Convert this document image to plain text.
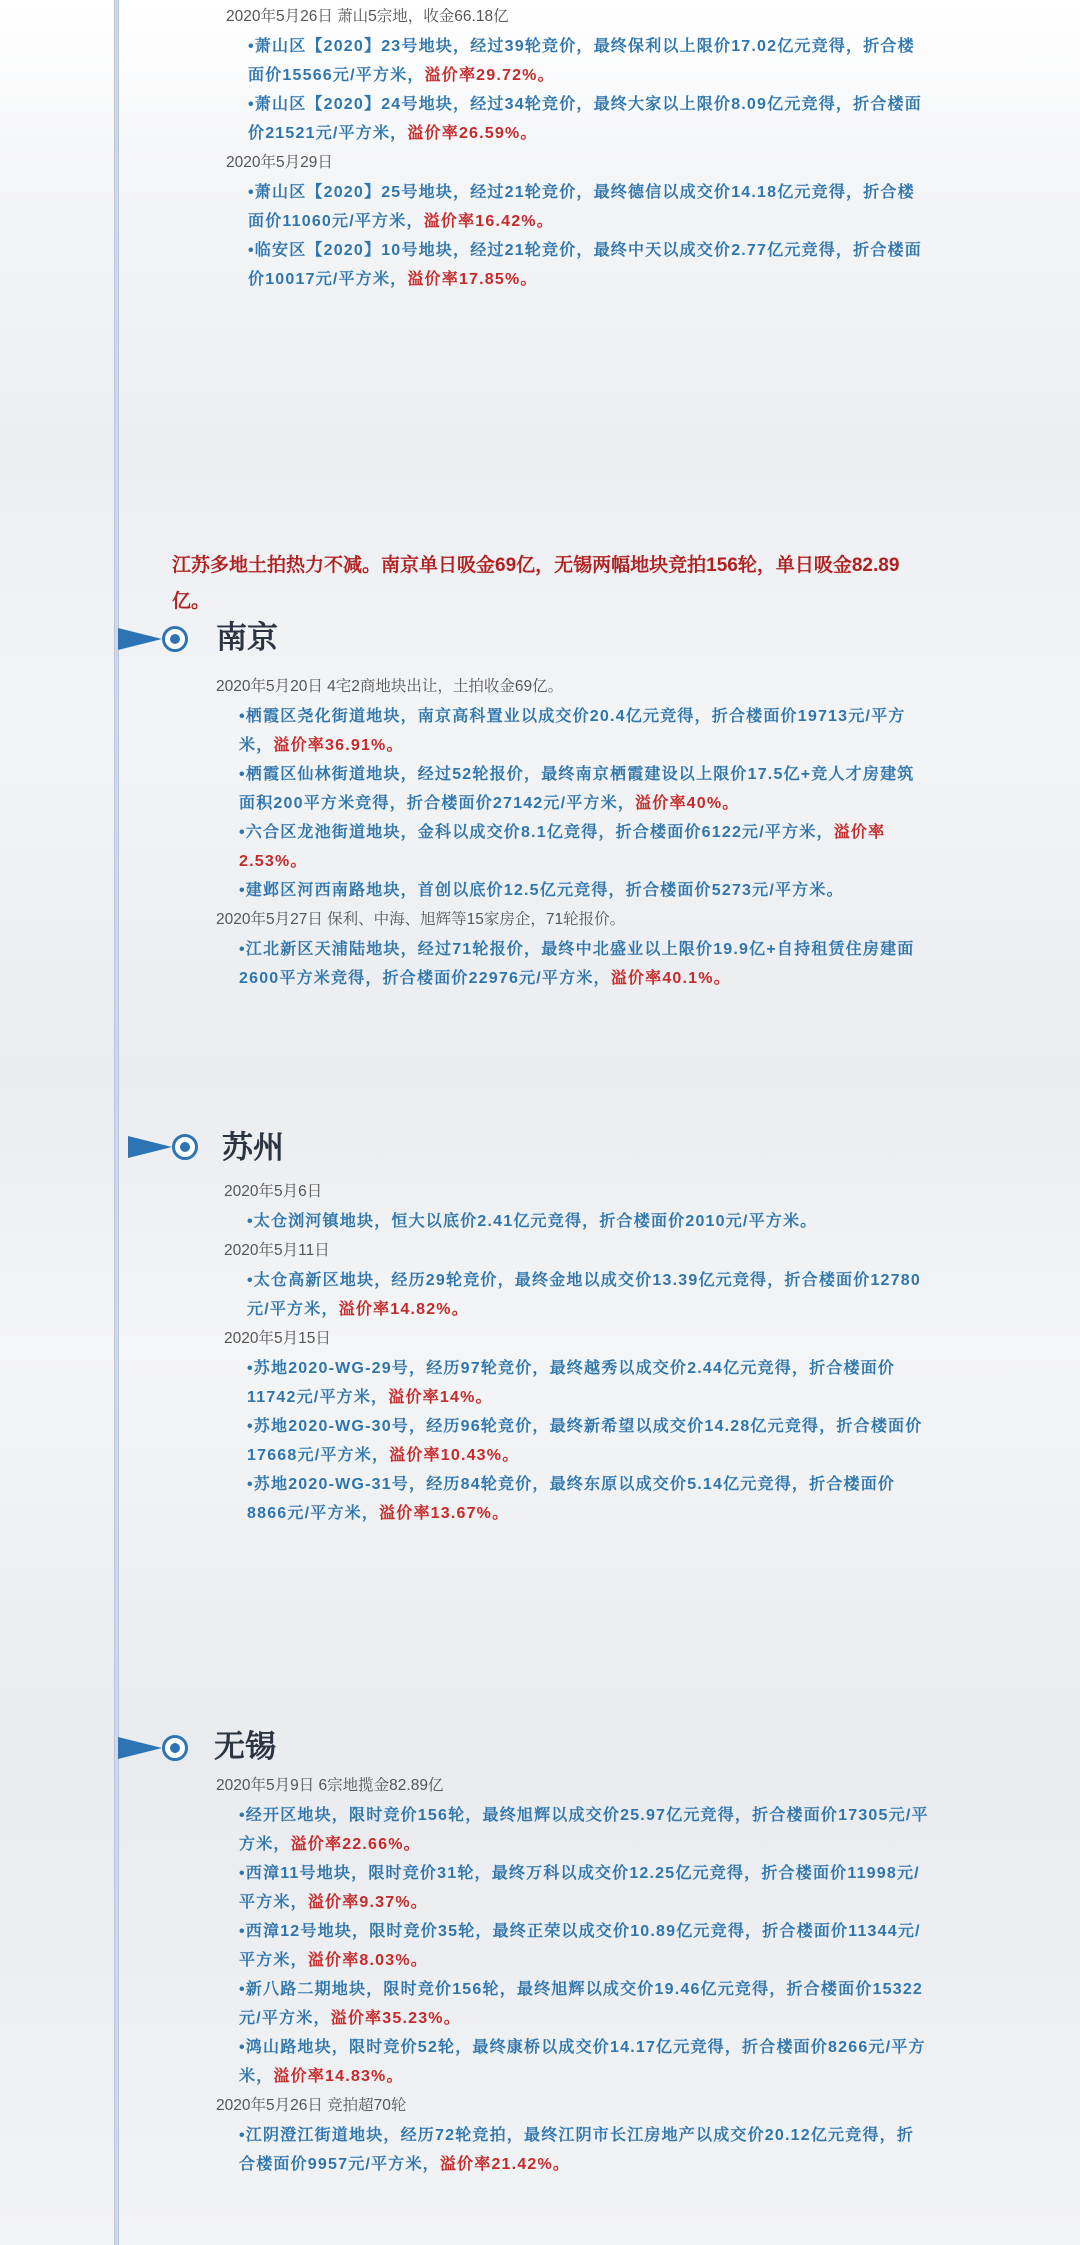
2020年5月26日 萧山5宗地，收金66.18亿
•萧山区【2020】23号地块，经过39轮竞价，最终保利以上限价17.02亿元竞得，折合楼面价15566元/平方米，溢价率29.72%。
•萧山区【2020】24号地块，经过34轮竞价，最终大家以上限价8.09亿元竞得，折合楼面价21521元/平方米，溢价率26.59%。
2020年5月29日
•萧山区【2020】25号地块，经过21轮竞价，最终德信以成交价14.18亿元竞得，折合楼面价11060元/平方米，溢价率16.42%。
•临安区【2020】10号地块，经过21轮竞价，最终中天以成交价2.77亿元竞得，折合楼面价10017元/平方米，溢价率17.85%。
江苏多地土拍热力不减。南京单日吸金69亿，无锡两幅地块竞拍156轮，单日吸金82.89亿。
南京
2020年5月20日 4宅2商地块出让，土拍收金69亿。
•栖霞区尧化街道地块，南京高科置业以成交价20.4亿元竞得，折合楼面价19713元/平方米，溢价率36.91%。
•栖霞区仙林街道地块，经过52轮报价，最终南京栖霞建设以上限价17.5亿+竞人才房建筑面积200平方米竞得，折合楼面价27142元/平方米，溢价率40%。
•六合区龙池街道地块，金科以成交价8.1亿竞得，折合楼面价6122元/平方米，溢价率2.53%。
•建邺区河西南路地块，首创以底价12.5亿元竞得，折合楼面价5273元/平方米。
2020年5月27日 保利、中海、旭辉等15家房企，71轮报价。
•江北新区天浦陆地块，经过71轮报价，最终中北盛业以上限价19.9亿+自持租赁住房建面2600平方米竞得，折合楼面价22976元/平方米，溢价率40.1%。
苏州
2020年5月6日
•太仓浏河镇地块，恒大以底价2.41亿元竞得，折合楼面价2010元/平方米。
2020年5月11日
•太仓高新区地块，经历29轮竞价，最终金地以成交价13.39亿元竞得，折合楼面价12780元/平方米，溢价率14.82%。
2020年5月15日
•苏地2020-WG-29号，经历97轮竞价，最终越秀以成交价2.44亿元竞得，折合楼面价11742元/平方米，溢价率14%。
•苏地2020-WG-30号，经历96轮竞价，最终新希望以成交价14.28亿元竞得，折合楼面价17668元/平方米，溢价率10.43%。
•苏地2020-WG-31号，经历84轮竞价，最终东原以成交价5.14亿元竞得，折合楼面价8866元/平方米，溢价率13.67%。
无锡
2020年5月9日 6宗地揽金82.89亿
•经开区地块，限时竞价156轮，最终旭辉以成交价25.97亿元竞得，折合楼面价17305元/平方米，溢价率22.66%。
•西漳11号地块，限时竞价31轮，最终万科以成交价12.25亿元竞得，折合楼面价11998元/平方米，溢价率9.37%。
•西漳12号地块，限时竞价35轮，最终正荣以成交价10.89亿元竞得，折合楼面价11344元/平方米，溢价率8.03%。
•新八路二期地块，限时竞价156轮，最终旭辉以成交价19.46亿元竞得，折合楼面价15322元/平方米，溢价率35.23%。
•鸿山路地块，限时竞价52轮，最终康桥以成交价14.17亿元竞得，折合楼面价8266元/平方米，溢价率14.83%。
2020年5月26日 竞拍超70轮
•江阴澄江街道地块，经历72轮竞拍，最终江阴市长江房地产以成交价20.12亿元竞得，折合楼面价9957元/平方米，溢价率21.42%。
